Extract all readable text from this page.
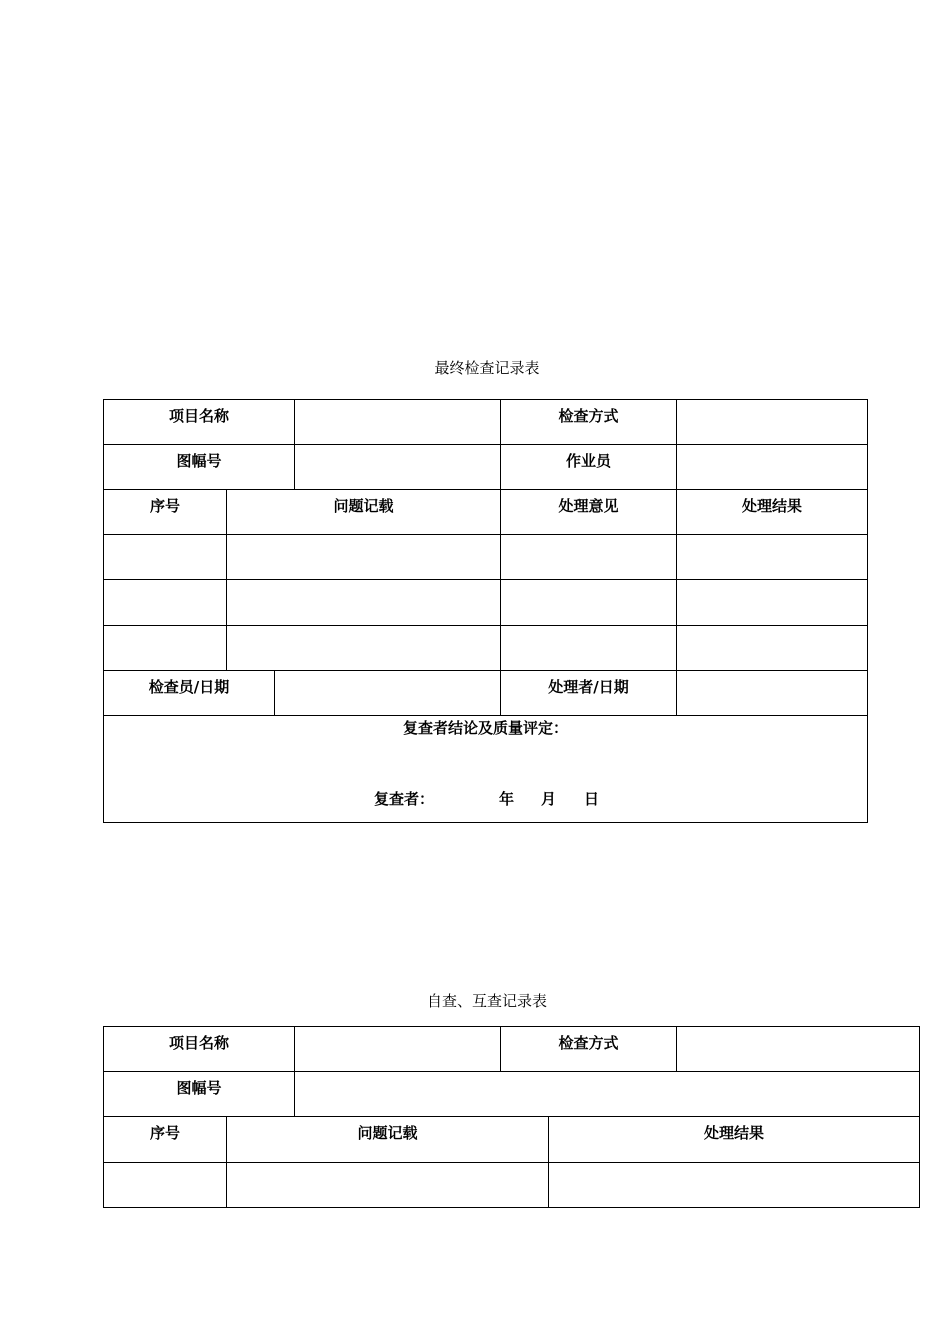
最终检查记录表
项目名称	检查方式
图幅号	作业员
序号	问题记载	处理意见	处理结果
检查员/日期	处理者/日期
复查者结论及质量评定：
复查者：	年 月 日
自查、互查记录表
项目名称	检查方式
图幅号
序号	问题记载	处理结果
